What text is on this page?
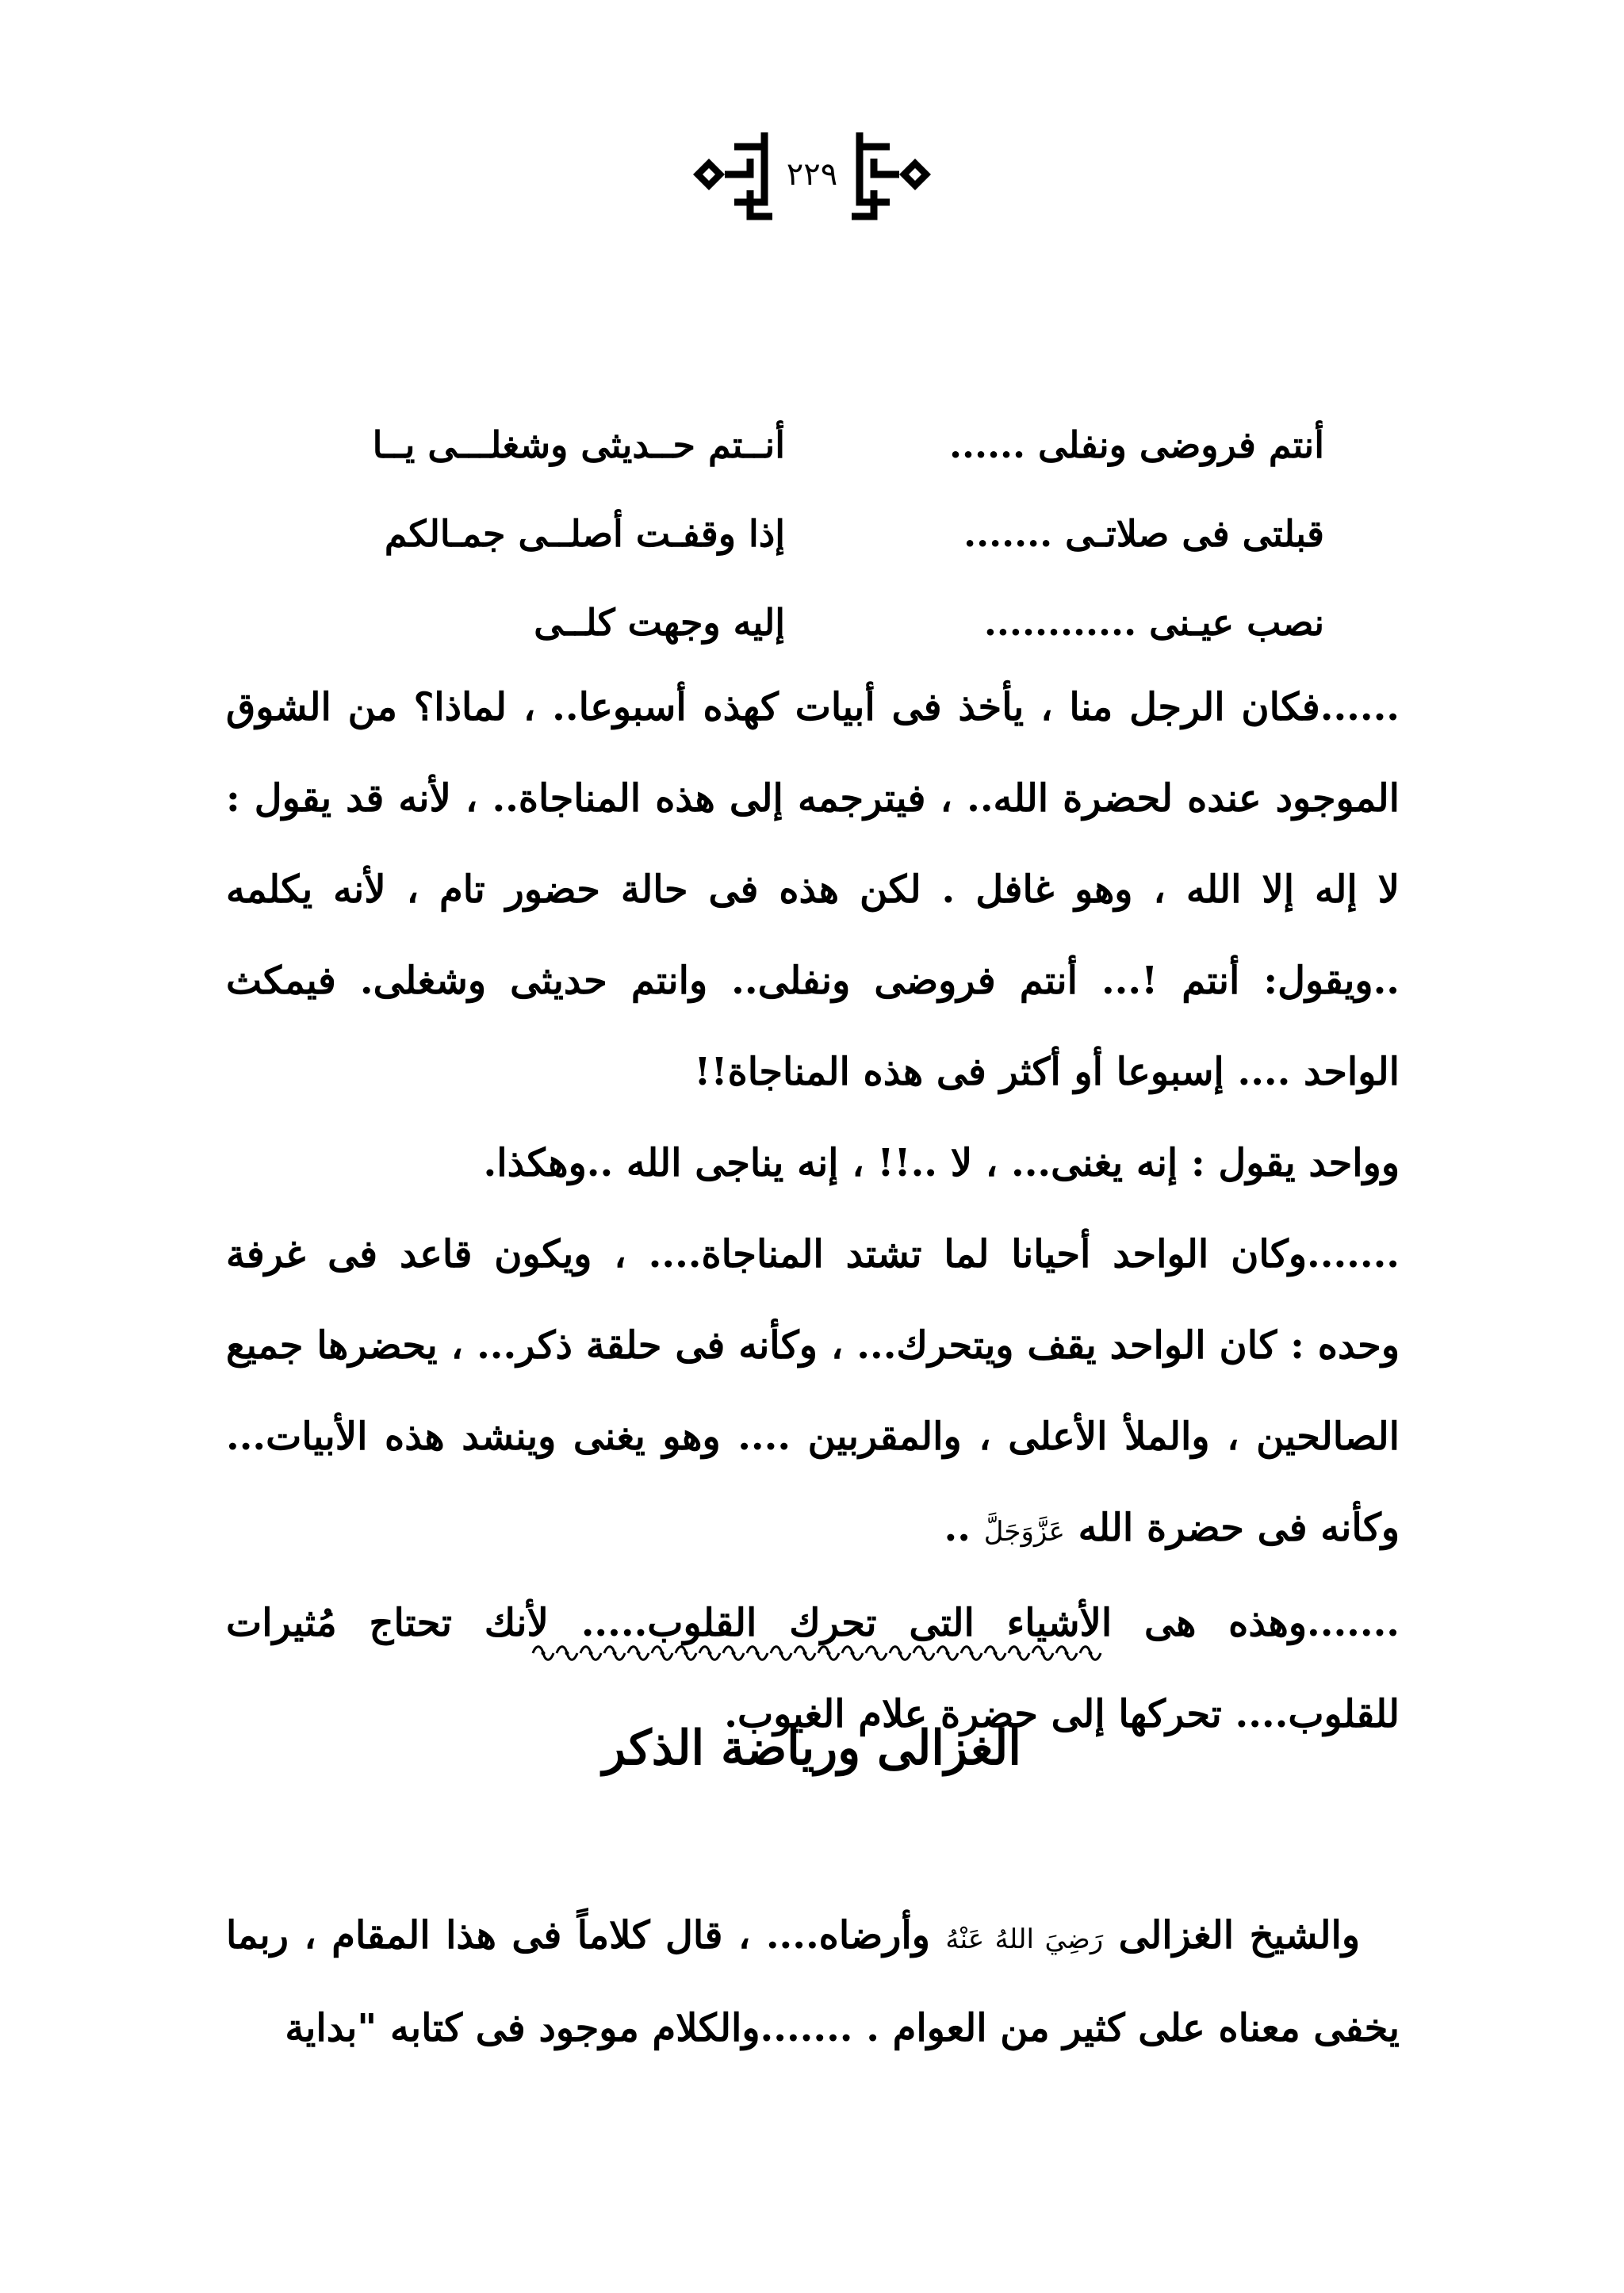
٢٢٩
أنتم فروضى ونفلى ......
أنــتم حــديثى وشغلـــى يــا
قبلتى فى صلاتـى .......
إذا وقفـت أصلــى جمـالكم
نصب عيـنى ............
إليه وجهت كلــى

......فكان الرجل منا ، يأخذ فى أبيات كهذه أسبوعا.. ، لماذا؟ من الشوق الموجود عنده لحضرة الله.. ، فيترجمه إلى هذه المناجاة.. ، لأنه قد يقول : لا إله إلا الله ، وهو غافل . لكن هذه فى حالة حضور تام ، لأنه يكلمه ..ويقول: أنتم !... أنتم فروضى ونفلى.. وانتم حديثى وشغلى. فيمكث الواحد .... إسبوعا أو أكثر فى هذه المناجاة!!

وواحد يقول : إنه يغنى... ، لا ..!! ، إنه يناجى الله ..وهكذا.

.......وكان الواحد أحيانا لما تشتد المناجاة.... ، ويكون قاعد فى غرفة وحده : كان الواحد يقف ويتحرك... ، وكأنه فى حلقة ذكر... ، يحضرها جميع الصالحين ، والملأ الأعلى ، والمقربين .... وهو يغنى وينشد هذه الأبيات... وكأنه فى حضرة الله عَزَّوَجَلَّ ..

.......وهذه هى الأشياء التى تحرك القلوب..... لأنك تحتاج مُثيرات للقلوب.... تحركها إلى حضرة علام الغيوب.

الغزالى ورياضة الذكر

والشيخ الغزالى رَضِيَ اللهُ عَنْهُ وأرضاه.... ، قال كلاماً فى هذا المقام ، ربما يخفى معناه على كثير من العوام . .......والكلام موجود فى كتابه "بداية
